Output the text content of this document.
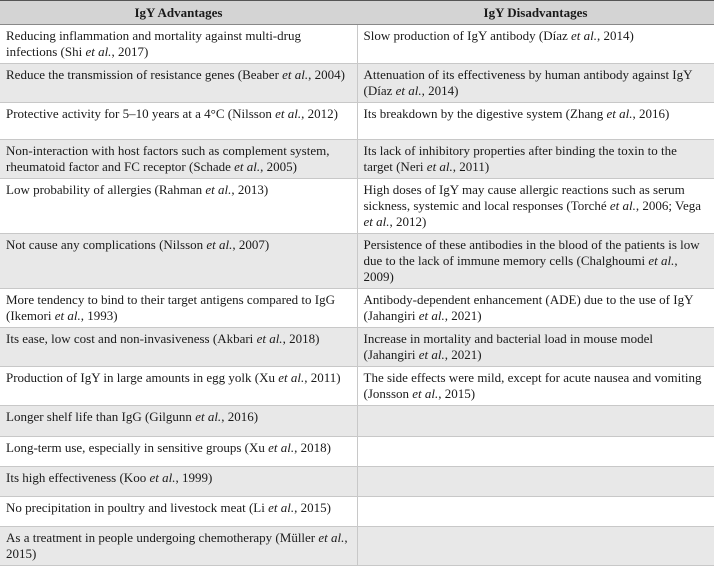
IgY Advantages	IgY Disadvantages

Reducing inflammation and mortality against multi-drug infections (Shi et al., 2017)	Slow production of IgY antibody (Díaz et al., 2014)

Reduce the transmission of resistance genes (Beaber et al., 2004)	Attenuation of its effectiveness by human antibody against IgY (Díaz et al., 2014)

Protective activity for 5–10 years at a 4°C (Nilsson et al., 2012)	Its breakdown by the digestive system (Zhang et al., 2016)

Non-interaction with host factors such as complement system, rheumatoid factor and FC receptor (Schade et al., 2005)	Its lack of inhibitory properties after binding the toxin to the target (Neri et al., 2011)

Low probability of allergies (Rahman et al., 2013)	High doses of IgY may cause allergic reactions such as serum sickness, systemic and local responses (Torché et al., 2006; Vega et al., 2012)

Not cause any complications (Nilsson et al., 2007)	Persistence of these antibodies in the blood of the patients is low due to the lack of immune memory cells (Chalghoumi et al., 2009)

More tendency to bind to their target antigens compared to IgG (Ikemori et al., 1993)	Antibody-dependent enhancement (ADE) due to the use of IgY (Jahangiri et al., 2021)

Its ease, low cost and non-invasiveness (Akbari et al., 2018)	Increase in mortality and bacterial load in mouse model (Jahangiri et al., 2021)

Production of IgY in large amounts in egg yolk (Xu et al., 2011)	The side effects were mild, except for acute nausea and vomiting (Jonsson et al., 2015)

Longer shelf life than IgG (Gilgunn et al., 2016)	

Long-term use, especially in sensitive groups (Xu et al., 2018)	

Its high effectiveness (Koo et al., 1999)	

No precipitation in poultry and livestock meat (Li et al., 2015)	

As a treatment in people undergoing chemotherapy (Müller et al., 2015)	
